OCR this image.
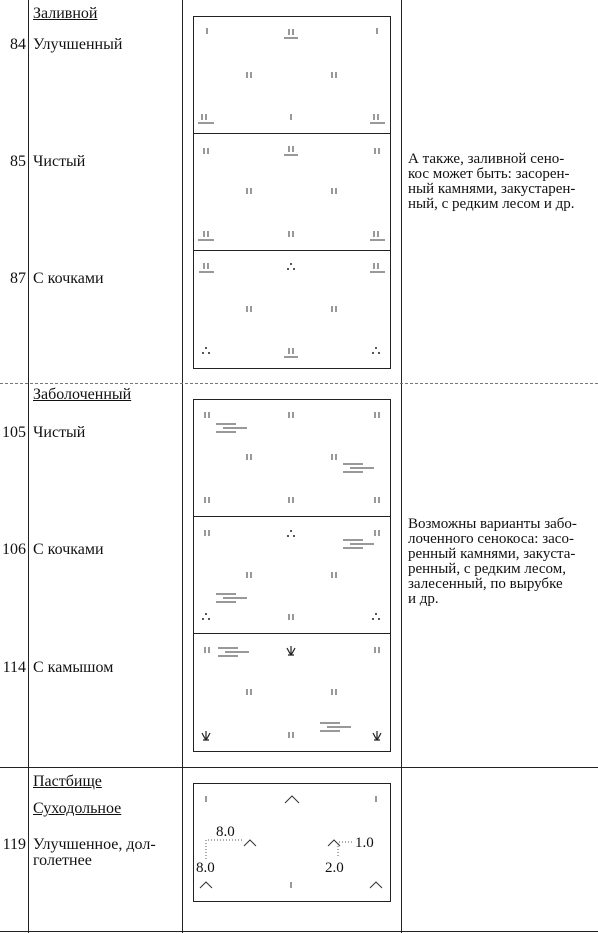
Заливной
84 Улучшенный
85 Чистый
87 С кочками
А также, заливной сено-
кос может быть: засорен-
ный камнями, закустарен-
ный, с редким лесом и др.
Заболоченный
105 Чистый
106 С кочками
114 С камышом
Возможны варианты забо-
лоченного сенокоса: засо-
ренный камнями, закуста-
ренный, с редким лесом,
залесенный, по вырубке
и др.
Пастбище
Суходольное
119 Улучшенное, дол-
голетнее
8.0
8.0
1.0
2.0
